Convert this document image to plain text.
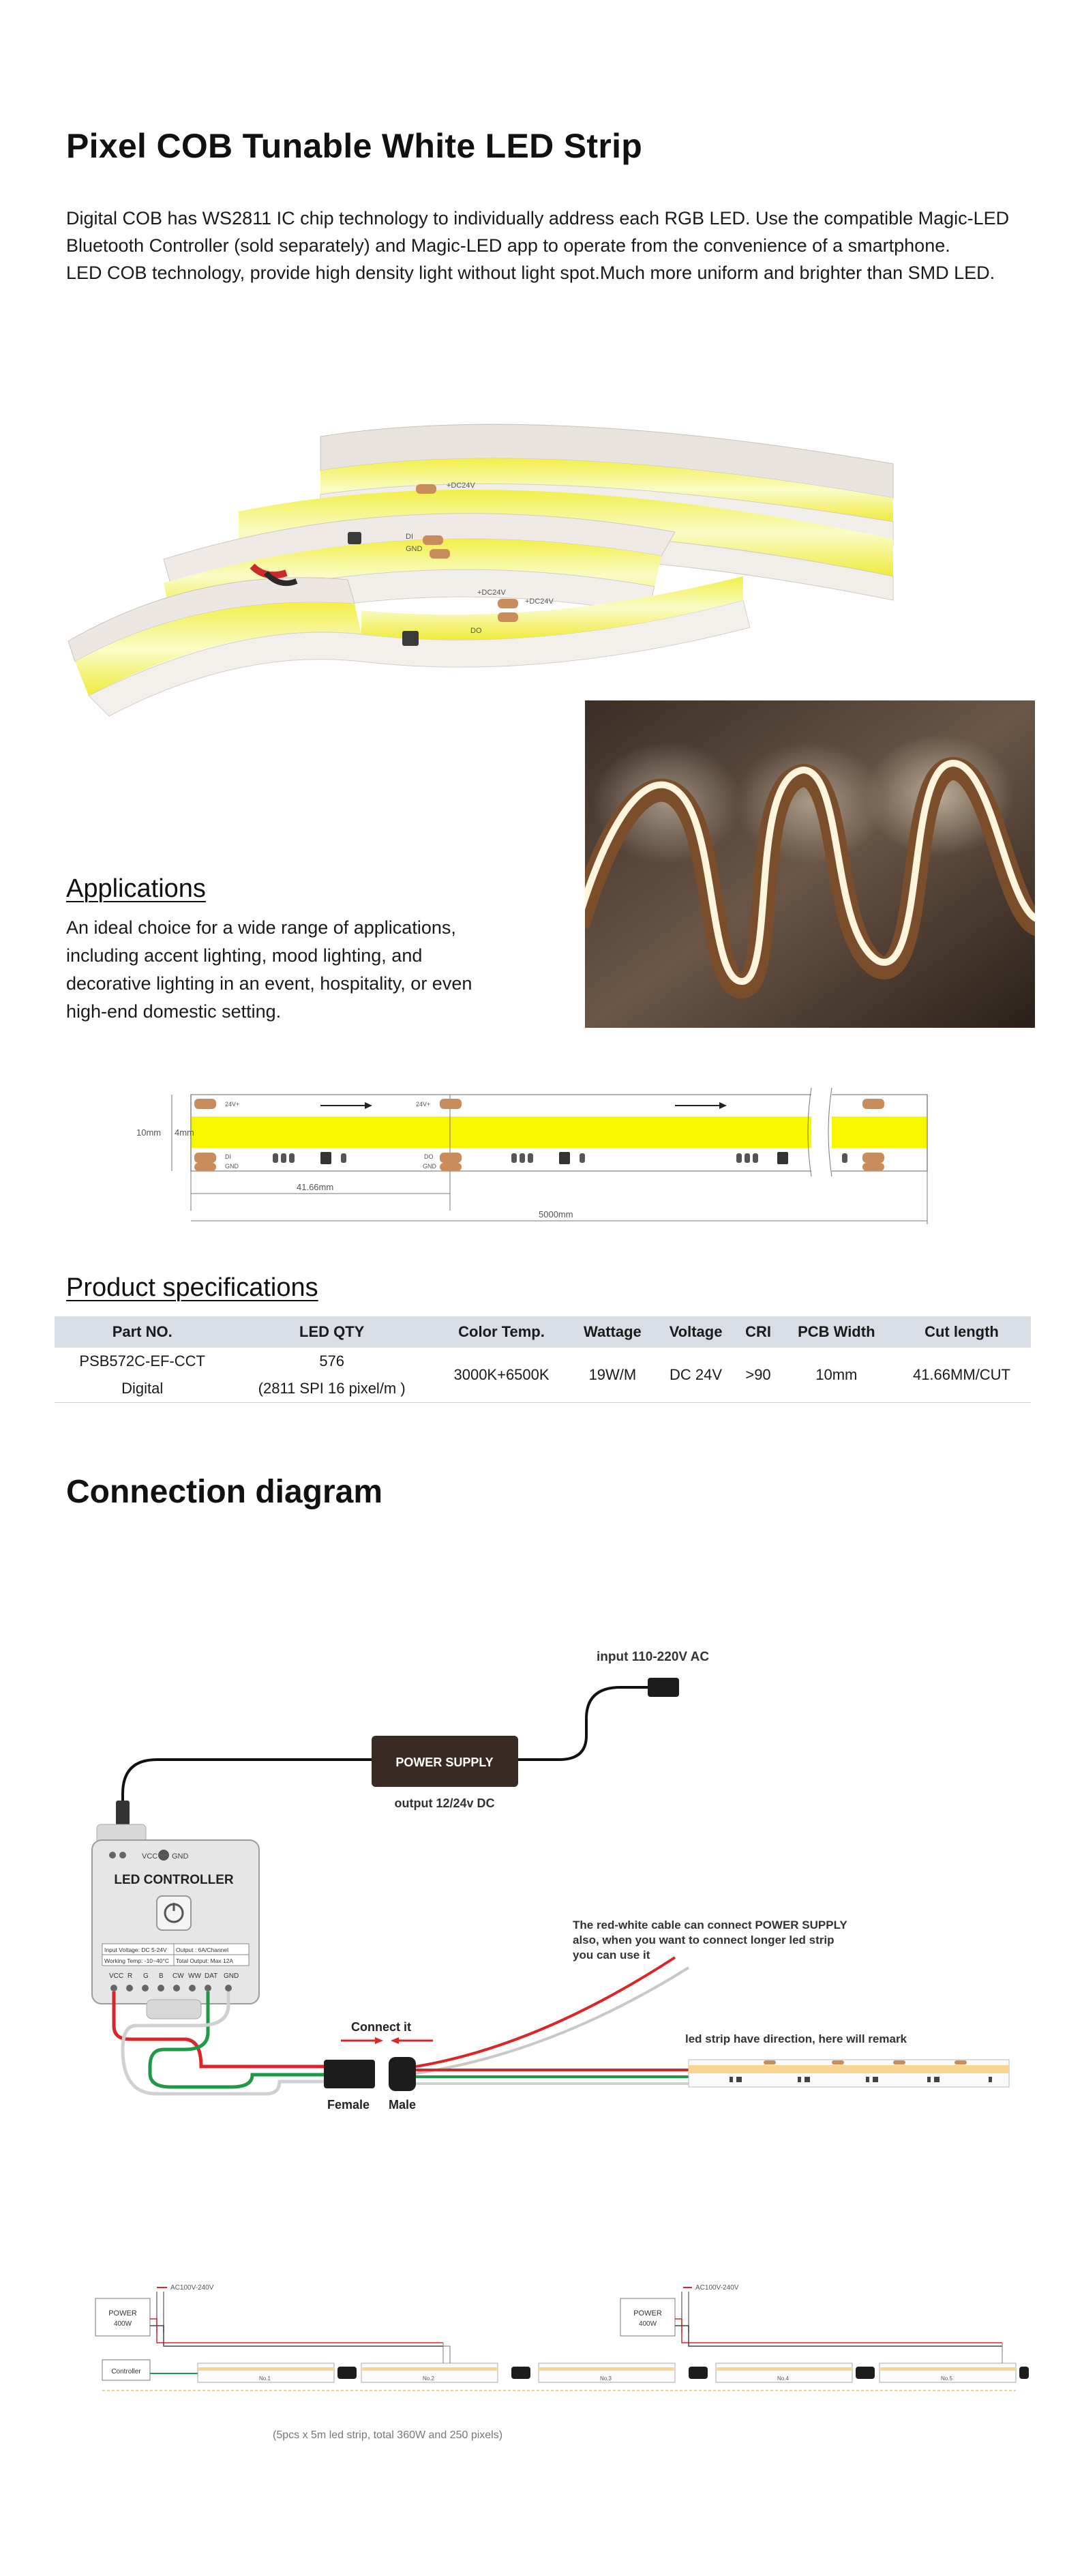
Pixel COB Tunable White LED Strip
Digital COB has WS2811 IC chip technology to individually address each RGB LED. Use the compatible Magic-LED
Bluetooth Controller (sold separately) and Magic-LED app to operate from the convenience of a smartphone.
LED COB technology, provide high density light without light spot.Much more uniform and brighter than SMD LED.
+DC24V
+DC24V
+DC24V
DO
DI
GND
Applications
An ideal choice for a wide range of applications,
including accent lighting, mood lighting, and
decorative lighting in an event, hospitality, or even
high-end domestic setting.
24V+	24V+
DI
GND
DO
GND
10mm 4mm
41.66mm
5000mm
Product specifications
Part NO.	LED QTY	Color Temp.	Wattage	Voltage	CRI	PCB Width	Cut length
PSB572C-EF-CCT	576	3000K+6500K	19W/M	DC 24V	>90	10mm	41.66MM/CUT
Digital	(2811 SPI 16 pixel/m )						
Connection diagram
input 110-220V AC
POWER SUPPLY
output 12/24v DC
VCC GND
LED CONTROLLER
Input Voltage: DC 5-24V Output : 6A/Channel
Working Temp: -10~40°C Total Output: Max 12A
VCC R G B CW WW DAT GND
Connect it
Female Male
The red-white cable can connect POWER SUPPLY
also, when you want to connect longer led strip
you can use it
led strip have direction, here will remark
AC100V-240V
POWER
400W
AC100V-240V
POWER
400W
Controller
No.1	No.2	No.3	No.4	No.5
(5pcs x 5m led strip, total 360W and 250 pixels)
